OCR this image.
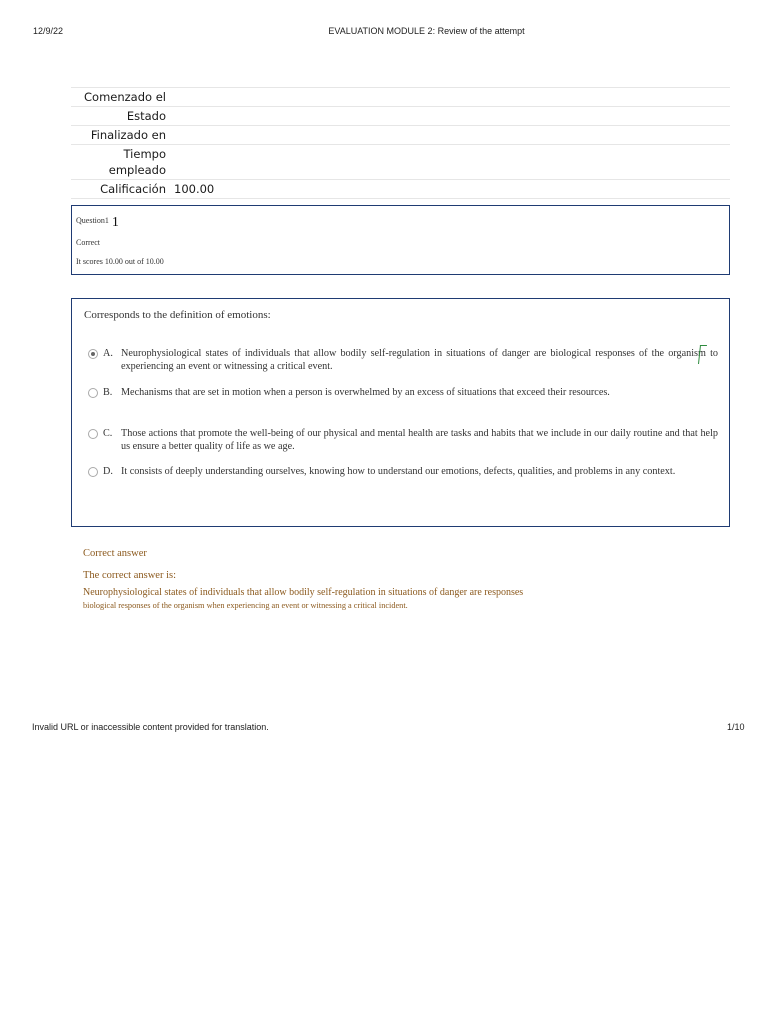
12/9/22	EVALUATION MODULE 2: Review of the attempt
Comenzado el	
Estado	
Finalizado en	
Tiempo empleado	
Calificación	100.00
Question1 1
Correct
It scores 10.00 out of 10.00
Corresponds to the definition of emotions:
A. Neurophysiological states of individuals that allow bodily self-regulation in situations of danger are biological responses of the organism to experiencing an event or witnessing a critical event.
B. Mechanisms that are set in motion when a person is overwhelmed by an excess of situations that exceed their resources.
C. Those actions that promote the well-being of our physical and mental health are tasks and habits that we include in our daily routine and that help us ensure a better quality of life as we age.
D. It consists of deeply understanding ourselves, knowing how to understand our emotions, defects, qualities, and problems in any context.
Correct answer
The correct answer is:
Neurophysiological states of individuals that allow bodily self-regulation in situations of danger are responses
biological responses of the organism when experiencing an event or witnessing a critical incident.
Invalid URL or inaccessible content provided for translation.	1/10
